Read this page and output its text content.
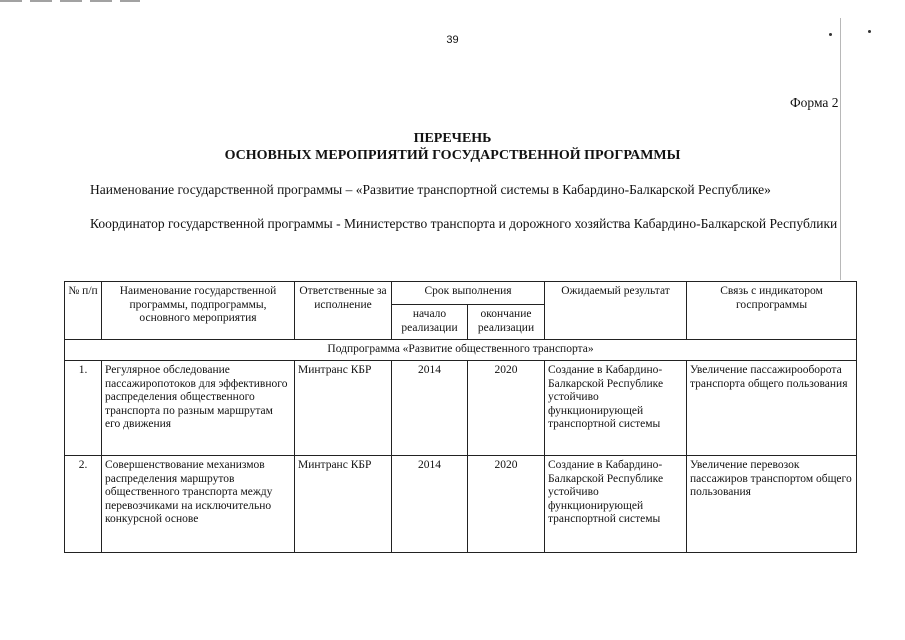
39
Форма 2
ПЕРЕЧЕНЬ
ОСНОВНЫХ МЕРОПРИЯТИЙ ГОСУДАРСТВЕННОЙ ПРОГРАММЫ
Наименование государственной программы – «Развитие транспортной системы в Кабардино-Балкарской Республике»
Координатор государственной программы - Министерство транспорта и дорожного хозяйства Кабардино-Балкарской Республики
№ п/п	Наименование государственной программы, подпрограммы, основного мероприятия	Ответственные за исполнение	Срок выполнения		Ожидаемый результат	Связь с индикатором госпрограммы
			начало реализации	окончание реализации		
Подпрограмма «Развитие общественного транспорта»						
1.	Регулярное обследование пассажиропотоков для эффективного распределения общественного транспорта по разным маршрутам его движения	Минтранс КБР	2014	2020	Создание в Кабардино-Балкарской Республике устойчиво функционирующей транспортной системы	Увеличение пассажирооборота транспорта общего пользования
2.	Совершенствование механизмов распределения маршрутов общественного транспорта между перевозчиками на исключительно конкурсной основе	Минтранс КБР	2014	2020	Создание в Кабардино-Балкарской Республике устойчиво функционирующей транспортной системы	Увеличение перевозок пассажиров транспортом общего пользования
